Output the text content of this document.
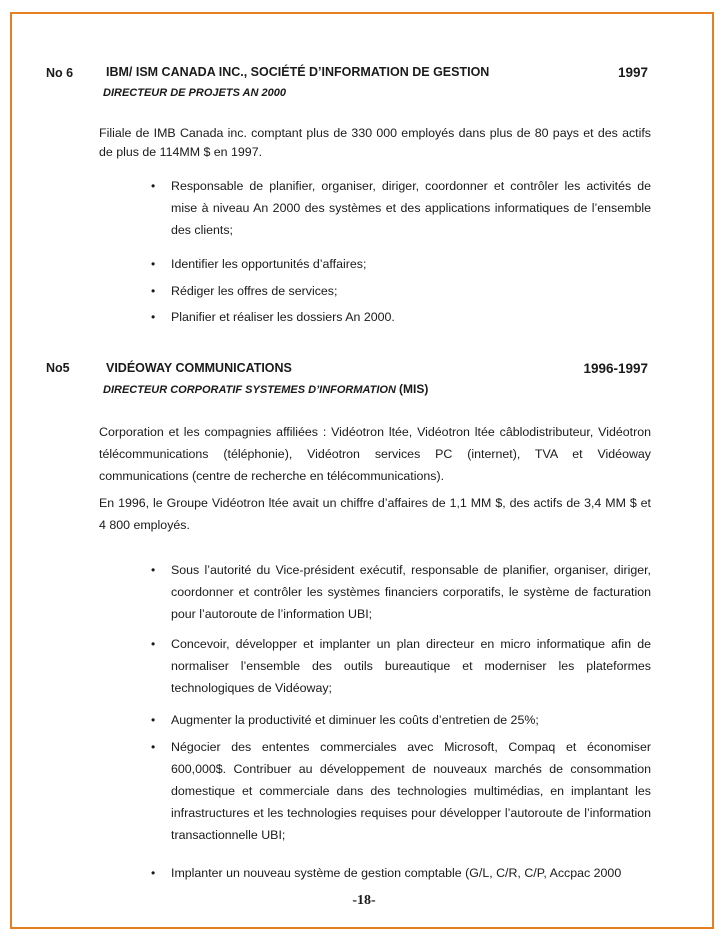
No 6	IBM/ ISM CANADA INC., SOCIÉTÉ D’INFORMATION DE GESTION	1997
DIRECTEUR DE PROJETS AN 2000
Filiale de IMB Canada inc. comptant plus de 330 000 employés dans plus de 80 pays et des actifs de plus de 114MM $ en 1997.
•	Responsable de planifier, organiser, diriger, coordonner et contrôler les activités de mise à niveau An 2000 des systèmes et des applications informatiques de l’ensemble des clients;
•	Identifier les opportunités d’affaires;
•	Rédiger les offres de services;
•	Planifier et réaliser les dossiers An 2000.
No5	VIDÉOWAY COMMUNICATIONS	1996-1997
DIRECTEUR CORPORATIF SYSTEMES D’INFORMATION (MIS)
Corporation et les compagnies affiliées : Vidéotron ltée, Vidéotron ltée câblodistributeur, Vidéotron télécommunications (téléphonie), Vidéotron services PC (internet), TVA et Vidéoway communications (centre de recherche en télécommunications).
En 1996, le Groupe Vidéotron ltée avait un chiffre d’affaires de 1,1 MM $, des actifs de 3,4 MM $ et 4 800 employés.
•	Sous l’autorité du Vice-président exécutif, responsable de planifier, organiser, diriger, coordonner et contrôler les systèmes financiers corporatifs, le système de facturation pour l’autoroute de l’information UBI;
•	Concevoir, développer et implanter un plan directeur en micro informatique afin de normaliser l’ensemble des outils bureautique et moderniser les plateformes technologiques de Vidéoway;
•	Augmenter la productivité et diminuer les coûts d’entretien de 25%;
•	Négocier des ententes commerciales avec Microsoft, Compaq et économiser 600,000$. Contribuer au développement de nouveaux marchés de consommation domestique et commerciale dans des technologies multimédias, en implantant les infrastructures et les technologies requises pour développer l’autoroute de l’information transactionnelle UBI;
•	Implanter un nouveau système de gestion comptable (G/L, C/R, C/P, Accpac 2000
-18-
